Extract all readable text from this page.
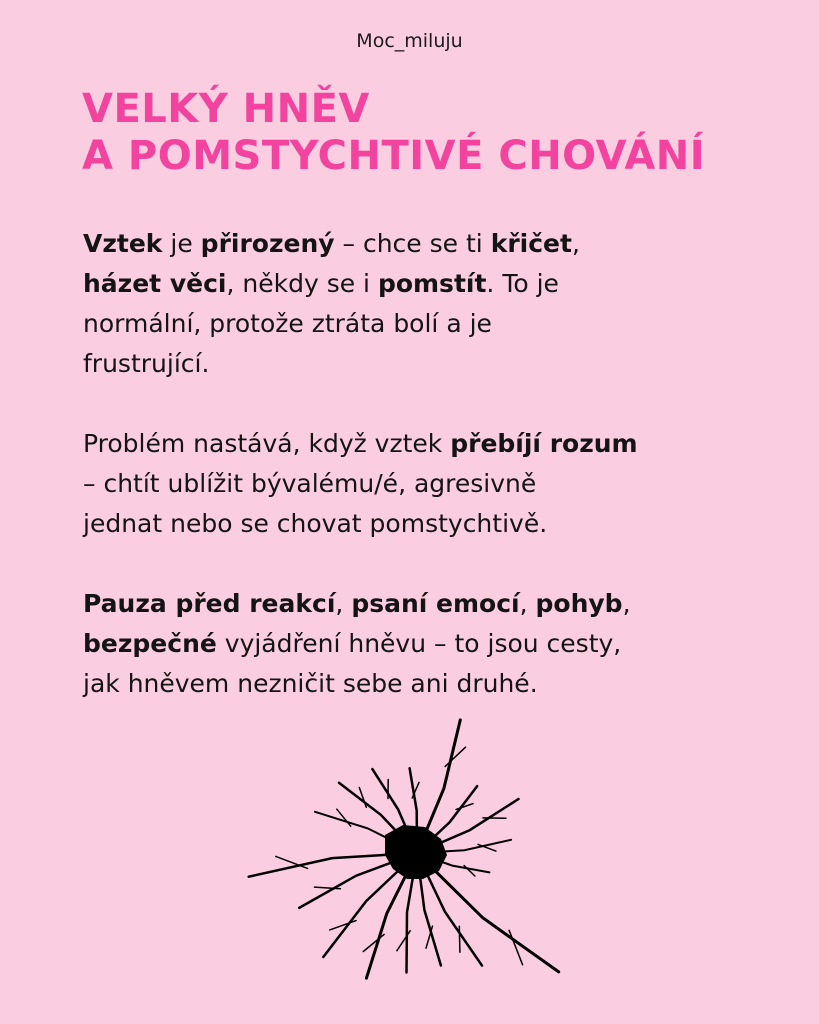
Moc_miluju
VELKÝ HNĚV
A POMSTYCHTIVÉ CHOVÁNÍ

Vztek je přirozený – chce se ti křičet,
házet věci, někdy se i pomstít. To je
normální, protože ztráta bolí a je
frustrující.

Problém nastává, když vztek přebíjí rozum
– chtít ublížit bývalému/é, agresivně
jednat nebo se chovat pomstychtivě.

Pauza před reakcí, psaní emocí, pohyb,
bezpečné vyjádření hněvu – to jsou cesty,
jak hněvem nezničit sebe ani druhé.
